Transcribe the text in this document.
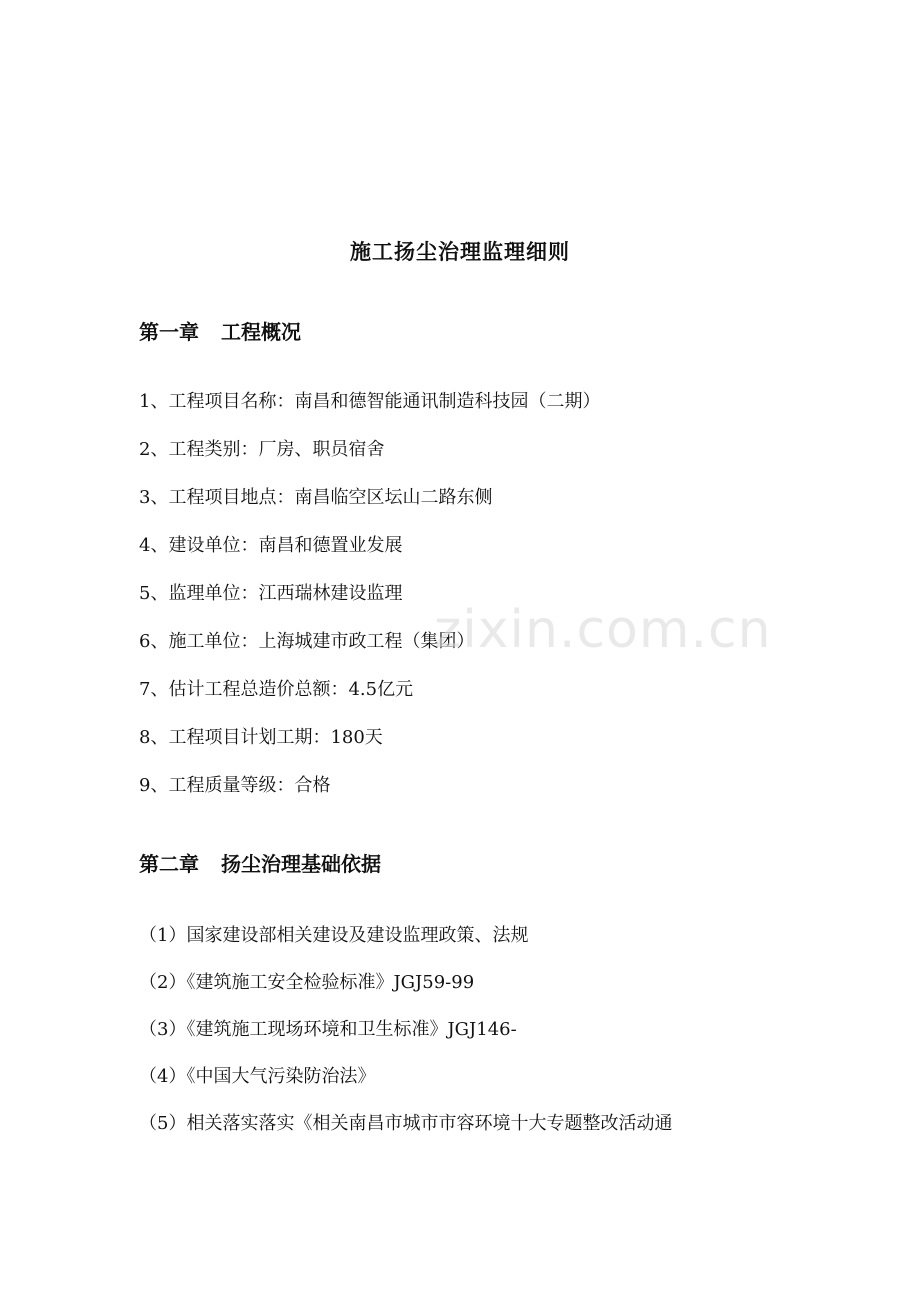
施工扬尘治理监理细则
第一章 工程概况
1、工程项目名称：南昌和德智能通讯制造科技园（二期）
2、工程类别：厂房、职员宿舍
3、工程项目地点：南昌临空区坛山二路东侧
4、建设单位：南昌和德置业发展
5、监理单位：江西瑞林建设监理
6、施工单位：上海城建市政工程（集团）
7、估计工程总造价总额：4.5亿元
8、工程项目计划工期：180天
9、工程质量等级：合格
第二章 扬尘治理基础依据
（1）国家建设部相关建设及建设监理政策、法规
（2）《建筑施工安全检验标准》JGJ59-99
（3）《建筑施工现场环境和卫生标准》JGJ146-
（4）《中国大气污染防治法》
（5）相关落实落实《相关南昌市城市市容环境十大专题整改活动通
zixin.com.cn
